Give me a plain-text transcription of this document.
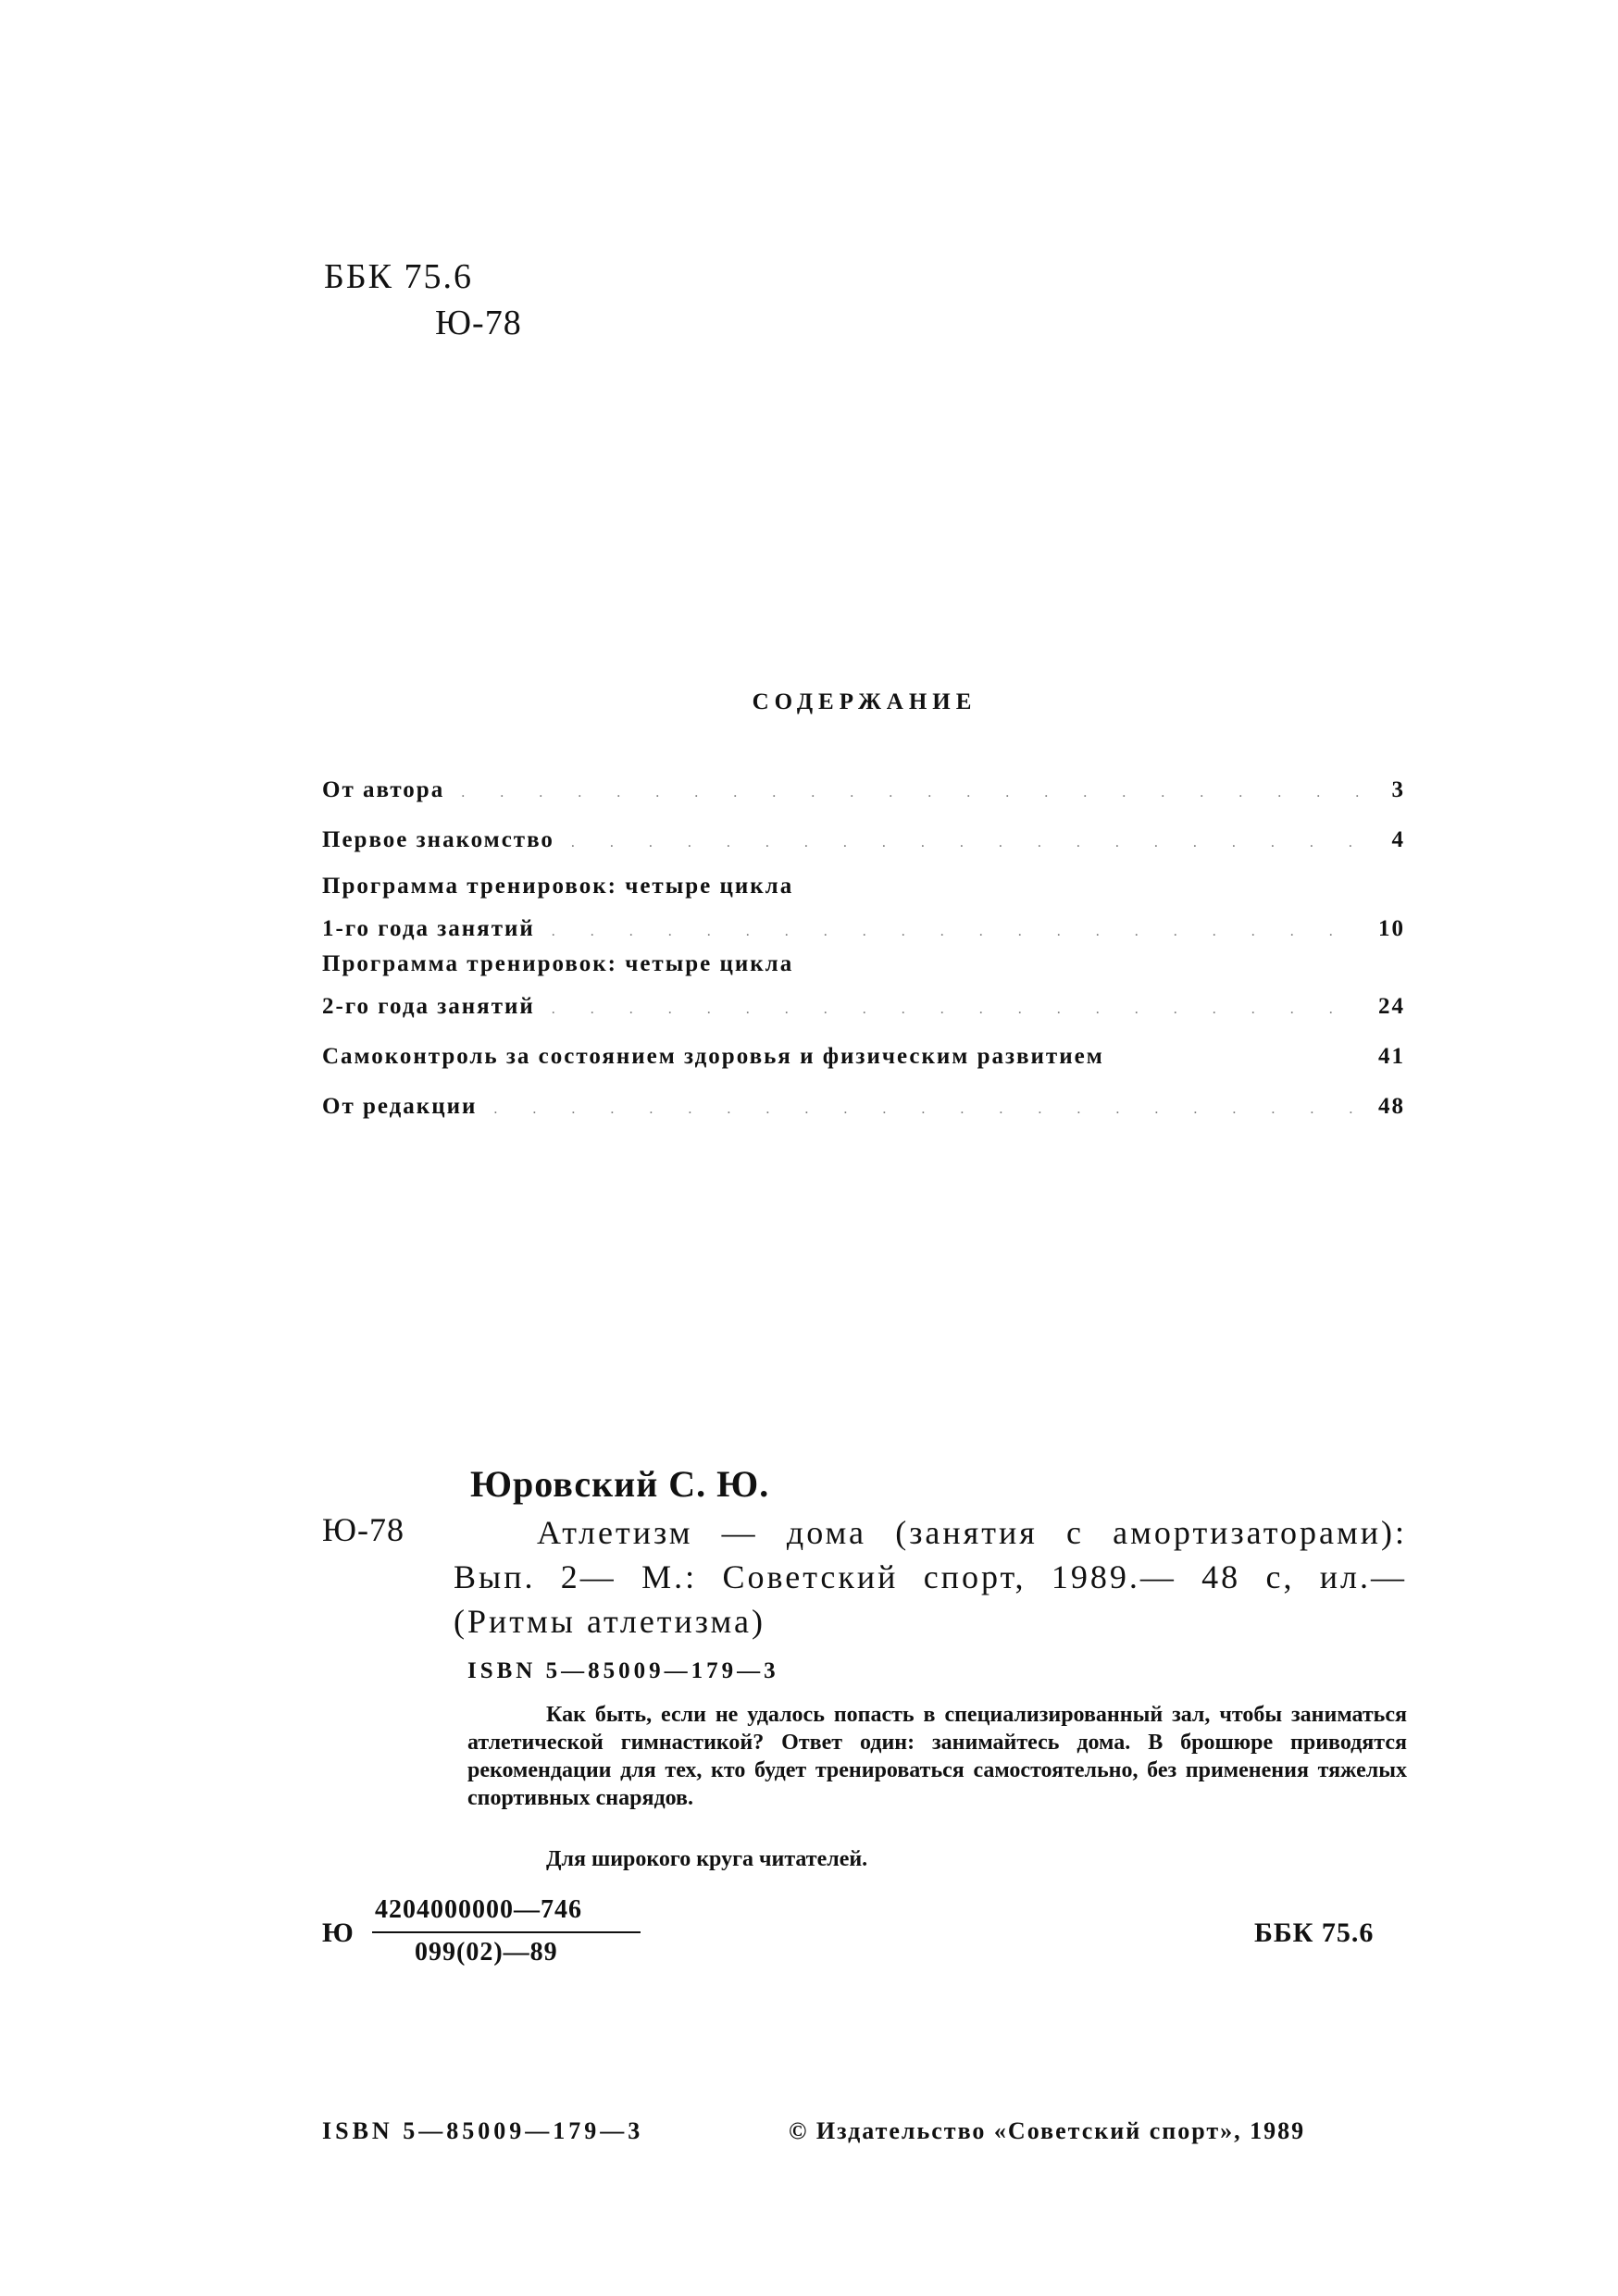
ББК 75.6
Ю-78
СОДЕРЖАНИЕ
От автора .....	3
Первое знакомство .....	4
Программа тренировок: четыре цикла
1-го года занятий .....	10
Программа тренировок: четыре цикла
2-го года занятий .....	24
Самоконтроль за состоянием здоровья и физическим развитием	41
От редакции .....	48
Юровский С. Ю.
Ю-78	Атлетизм — дома (занятия с амортизаторами): Вып. 2— М.: Советский спорт, 1989.— 48 с, ил.— (Ритмы атлетизма)
ISBN 5—85009—179—3

Как быть, если не удалось попасть в специализированный зал, чтобы заниматься атлетической гимнастикой? Ответ один: занимайтесь дома. В брошюре приводятся рекомендации для тех, кто будет тренироваться самостоятельно, без применения тяжелых спортивных снарядов.

Для широкого круга читателей.
Ю
4204000000—746
099(02)—89
ББК 75.6
ISBN 5—85009—179—3	© Издательство «Советский спорт», 1989
